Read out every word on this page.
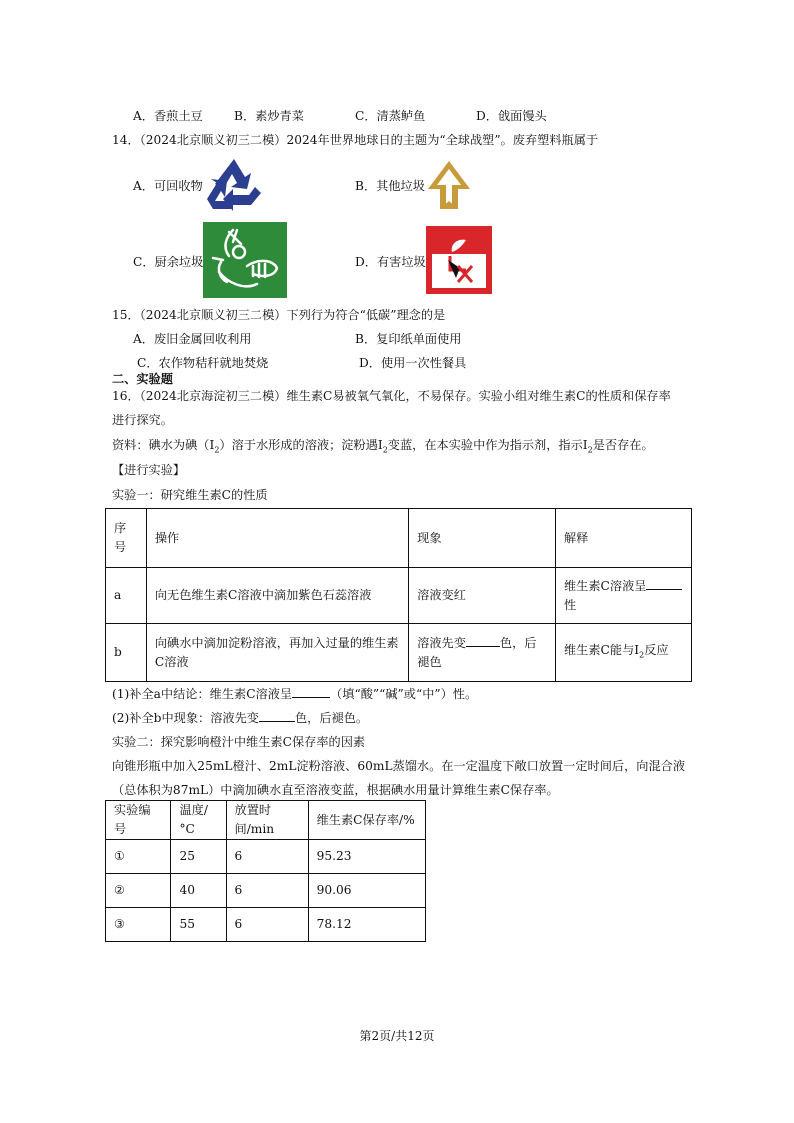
A．香煎土豆	B．素炒青菜	C．清蒸鲈鱼	D．戗面馒头
14．（2024北京顺义初三二模）2024年世界地球日的主题为“全球战塑”。废弃塑料瓶属于
A．可回收物	B．其他垃圾
C．厨余垃圾	D．有害垃圾
15．（2024北京顺义初三二模）下列行为符合“低碳”理念的是
A．废旧金属回收利用	B．复印纸单面使用
C．农作物秸秆就地焚烧	D．使用一次性餐具
二、实验题
16．（2024北京海淀初三二模）维生素C易被氧气氧化，不易保存。实验小组对维生素C的性质和保存率
进行探究。
资料：碘水为碘$(I_2)$溶于水形成的溶液；淀粉遇$I_2$变蓝，在本实验中作为指示剂，指示$I_2$是否存在。
【进行实验】
实验一：研究维生素C的性质
序号	操作	现象	解释
a	向无色维生素C溶液中滴加紫色石蕊溶液	溶液变红	维生素C溶液呈
性
b	向碘水中滴加淀粉溶液，再加入过量的维生素C溶液	溶液先变 色，后褪色	维生素C能与$I_2$反应
(1)补全a中结论：维生素C溶液呈	（填“酸”“碱”或“中”）性。
(2)补全b中现象：溶液先变	色，后褪色。
实验二：探究影响橙汁中维生素C保存率的因素
向锥形瓶中加入25mL橙汁、2mL淀粉溶液、60mL蒸馏水。在一定温度下敞口放置一定时间后，向混合液
（总体积为87mL）中滴加碘水直至溶液变蓝，根据碘水用量计算维生素C保存率。
实验编号	温度/°C	放置时间/min	维生素C保存率/%
①	25	6	95.23
②	40	6	90.06
③	55	6	78.12
第2页/共12页
